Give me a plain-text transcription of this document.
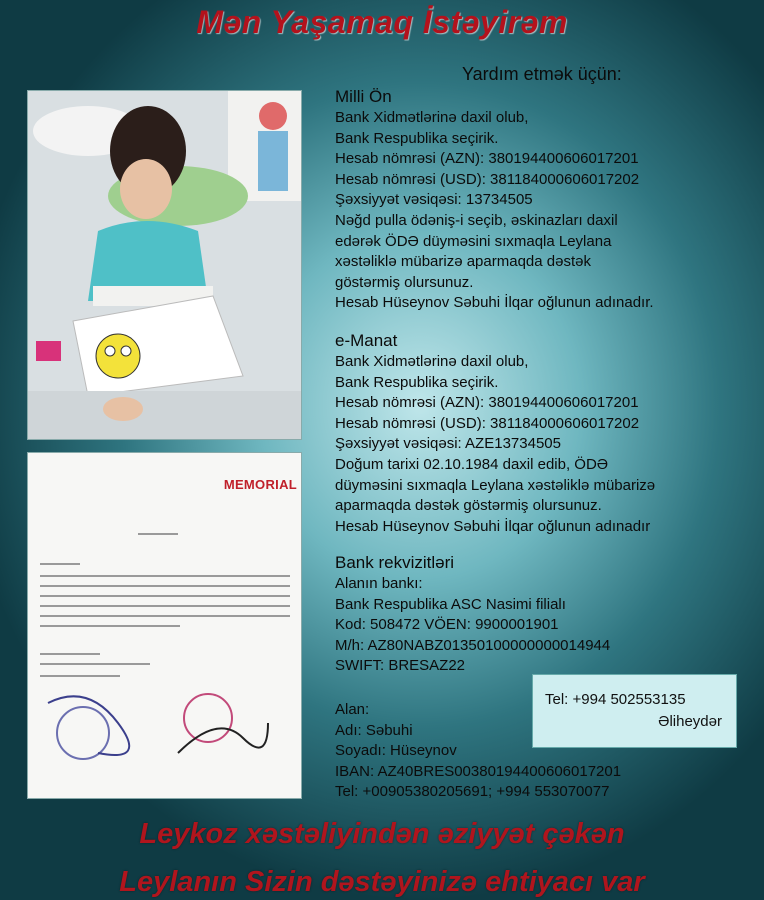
Mən Yaşamaq İstəyirəm
MEMORIAL
Yardım etmək üçün:
Milli Ön
Bank Xidmətlərinə daxil olub,
Bank Respublika seçirik.
Hesab nömrəsi (AZN): 380194400606017201
Hesab nömrəsi (USD): 381184000606017202
Şəxsiyyət vəsiqəsi: 13734505
Nəğd pulla ödəniş-i seçib, əskinazları daxil
edərək ÖDƏ düyməsini sıxmaqla Leylana
xəstəliklə mübarizə aparmaqda dəstək
göstərmiş olursunuz.
Hesab Hüseynov Səbuhi İlqar oğlunun adınadır.
e-Manat
Bank Xidmətlərinə daxil olub,
Bank Respublika seçirik.
Hesab nömrəsi (AZN): 380194400606017201
Hesab nömrəsi (USD): 381184000606017202
Şəxsiyyət vəsiqəsi: AZE13734505
Doğum tarixi 02.10.1984 daxil edib, ÖDƏ
düyməsini sıxmaqla Leylana xəstəliklə mübarizə
aparmaqda dəstək göstərmiş olursunuz.
Hesab Hüseynov Səbuhi İlqar oğlunun adınadır
Bank rekvizitləri
Alanın bankı:
Bank Respublika ASC Nasimi filialı
Kod: 508472 VÖEN: 9900001901
M/h: AZ80NABZ01350100000000014944
SWIFT: BRESAZ22
Alan:
Adı: Səbuhi
Soyadı: Hüseynov
IBAN: AZ40BRES00380194400606017201
Tel: +00905380205691; +994 553070077
Tel: +994 502553135
Əliheydər
Leykoz xəstəliyindən əziyyət çəkən
Leylanın Sizin dəstəyinizə ehtiyacı var
